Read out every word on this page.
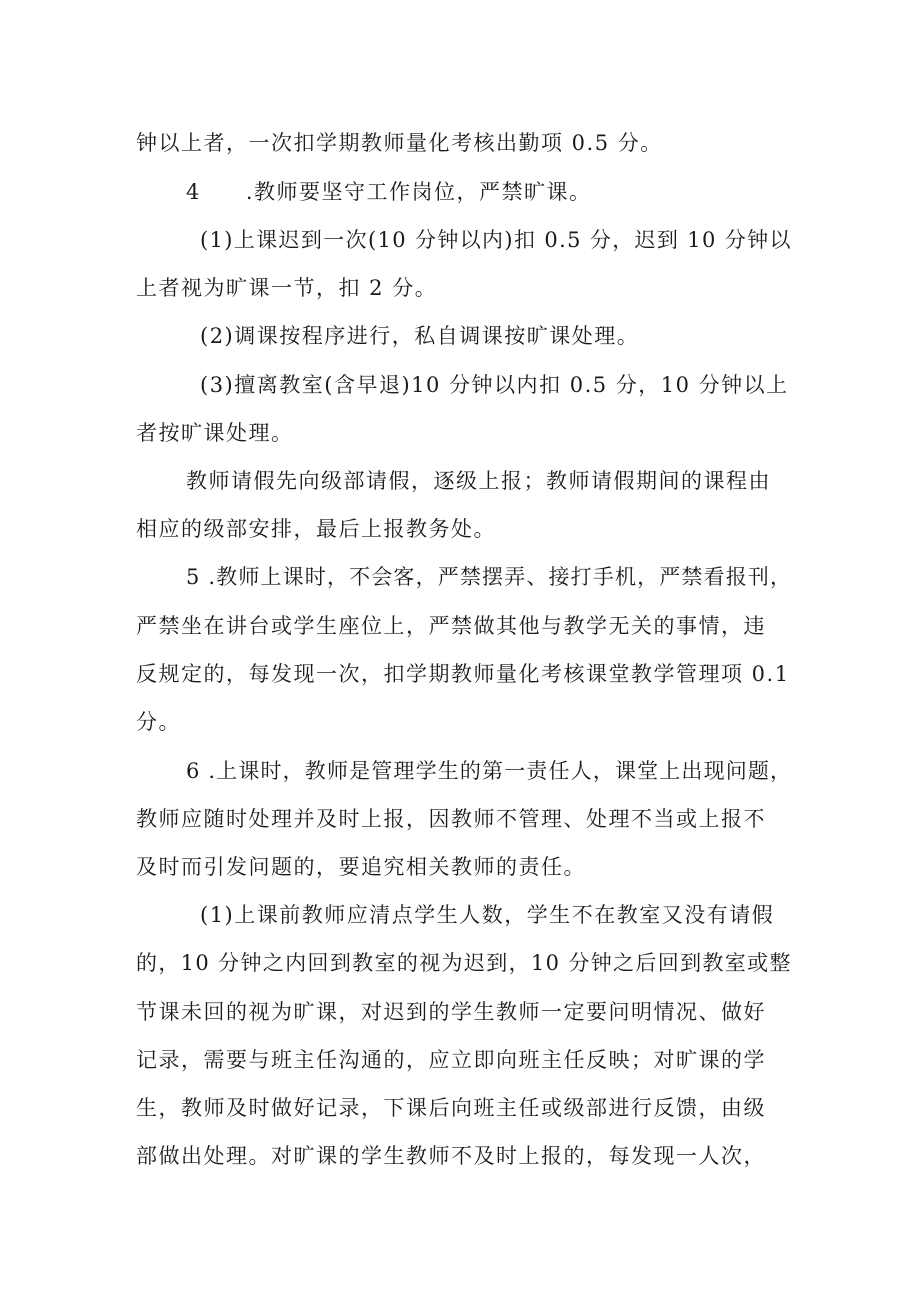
钟以上者，一次扣学期教师量化考核出勤项 0.5 分。
4　　.教师要坚守工作岗位，严禁旷课。
(1)上课迟到一次(10 分钟以内)扣 0.5 分，迟到 10 分钟以
上者视为旷课一节，扣 2 分。
(2)调课按程序进行，私自调课按旷课处理。
(3)擅离教室(含早退)10 分钟以内扣 0.5 分，10 分钟以上
者按旷课处理。
教师请假先向级部请假，逐级上报；教师请假期间的课程由
相应的级部安排，最后上报教务处。
5 .教师上课时，不会客，严禁摆弄、接打手机，严禁看报刊，
严禁坐在讲台或学生座位上，严禁做其他与教学无关的事情，违
反规定的，每发现一次，扣学期教师量化考核课堂教学管理项 0.1
分。
6 .上课时，教师是管理学生的第一责任人，课堂上出现问题，
教师应随时处理并及时上报，因教师不管理、处理不当或上报不
及时而引发问题的，要追究相关教师的责任。
(1)上课前教师应清点学生人数，学生不在教室又没有请假
的，10 分钟之内回到教室的视为迟到，10 分钟之后回到教室或整
节课未回的视为旷课，对迟到的学生教师一定要问明情况、做好
记录，需要与班主任沟通的，应立即向班主任反映；对旷课的学
生，教师及时做好记录，下课后向班主任或级部进行反馈，由级
部做出处理。对旷课的学生教师不及时上报的，每发现一人次，
